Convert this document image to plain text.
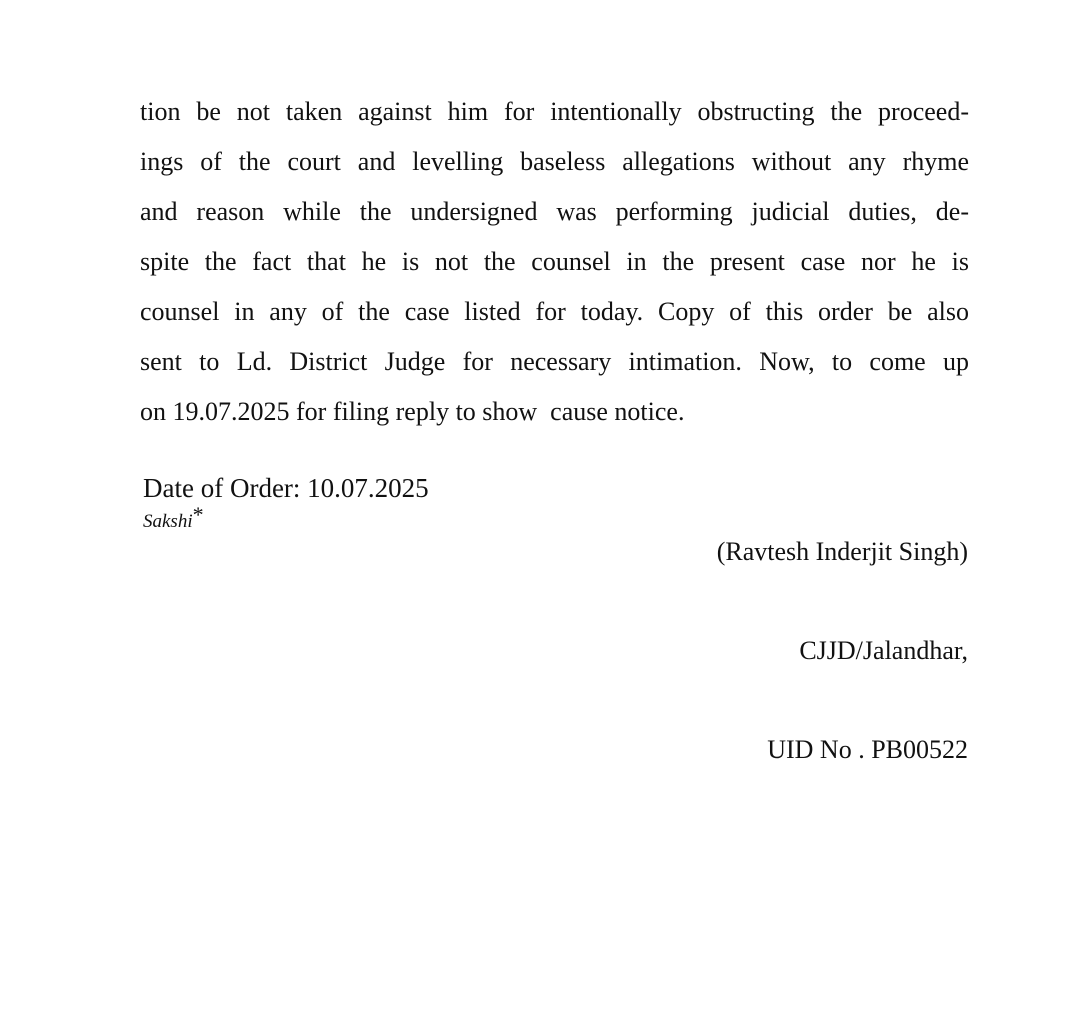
tion be not taken against him for intentionally obstructing the proceed-
ings of the court and levelling baseless allegations without any rhyme
and reason while the undersigned was performing judicial duties, de-
spite the fact that he is not the counsel in the present case nor he is
counsel in any of the case listed for today. Copy of this order be also
sent to Ld. District Judge for necessary intimation. Now, to come up
on 19.07.2025 for filing reply to show  cause notice.
Date of Order: 10.07.2025
Sakshi*

(Ravtesh Inderjit Singh)

CJJD/Jalandhar,

UID No . PB00522
